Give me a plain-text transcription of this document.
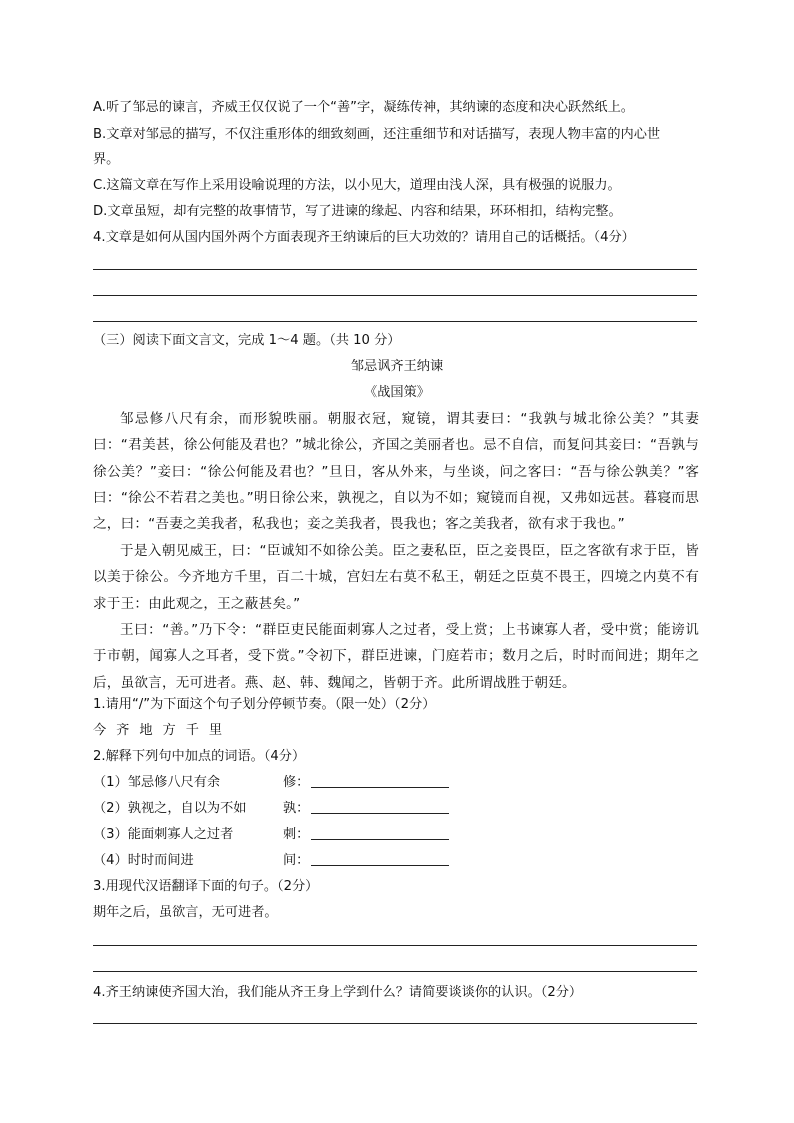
A.听了邹忌的谏言，齐威王仅仅说了一个“善”字，凝练传神，其纳谏的态度和决心跃然纸上。
B.文章对邹忌的描写，不仅注重形体的细致刻画，还注重细节和对话描写，表现人物丰富的内心世
界。
C.这篇文章在写作上采用设喻说理的方法，以小见大，道理由浅人深，具有极强的说服力。
D.文章虽短，却有完整的故事情节，写了进谏的缘起、内容和结果，环环相扣，结构完整。
4.文章是如何从国内国外两个方面表现齐王纳谏后的巨大功效的？请用自己的话概括。（4分）
（三）阅读下面文言文，完成 1～4 题。（共 10 分）
邹忌讽齐王纳谏
《战国策》
邹忌修八尺有余，而形貌昳丽。朝服衣冠，窥镜，谓其妻曰：“我孰与城北徐公美？”其妻曰：“君美甚，徐公何能及君也？”城北徐公，齐国之美丽者也。忌不自信，而复问其妾曰：“吾孰与徐公美？”妾曰：“徐公何能及君也？”旦日，客从外来，与坐谈，问之客曰：“吾与徐公孰美？”客曰：“徐公不若君之美也。”明日徐公来，孰视之，自以为不如；窥镜而自视，又弗如远甚。暮寝而思之，曰：“吾妻之美我者，私我也；妾之美我者，畏我也；客之美我者，欲有求于我也。”
于是入朝见威王，曰：“臣诚知不如徐公美。臣之妻私臣，臣之妾畏臣，臣之客欲有求于臣，皆以美于徐公。今齐地方千里，百二十城，宫妇左右莫不私王，朝廷之臣莫不畏王，四境之内莫不有求于王：由此观之，王之蔽甚矣。”
王曰：“善。”乃下令：“群臣吏民能面刺寡人之过者，受上赏；上书谏寡人者，受中赏；能谤讥于市朝，闻寡人之耳者，受下赏。”令初下，群臣进谏，门庭若市；数月之后，时时而间进；期年之后，虽欲言，无可进者。燕、赵、韩、魏闻之，皆朝于齐。此所谓战胜于朝廷。
1.请用“/”为下面这个句子划分停顿节奏。（限一处）（2分）
今齐地方千里
2.解释下列句中加点的词语。（4分）
（1）邹忌修八尺有余	修：
（2）孰视之，自以为不如	孰：
（3）能面刺寡人之过者	刺：
（4）时时而间进	间：
3.用现代汉语翻译下面的句子。（2分）
期年之后，虽欲言，无可进者。
4.齐王纳谏使齐国大治，我们能从齐王身上学到什么？请简要谈谈你的认识。（2分）
